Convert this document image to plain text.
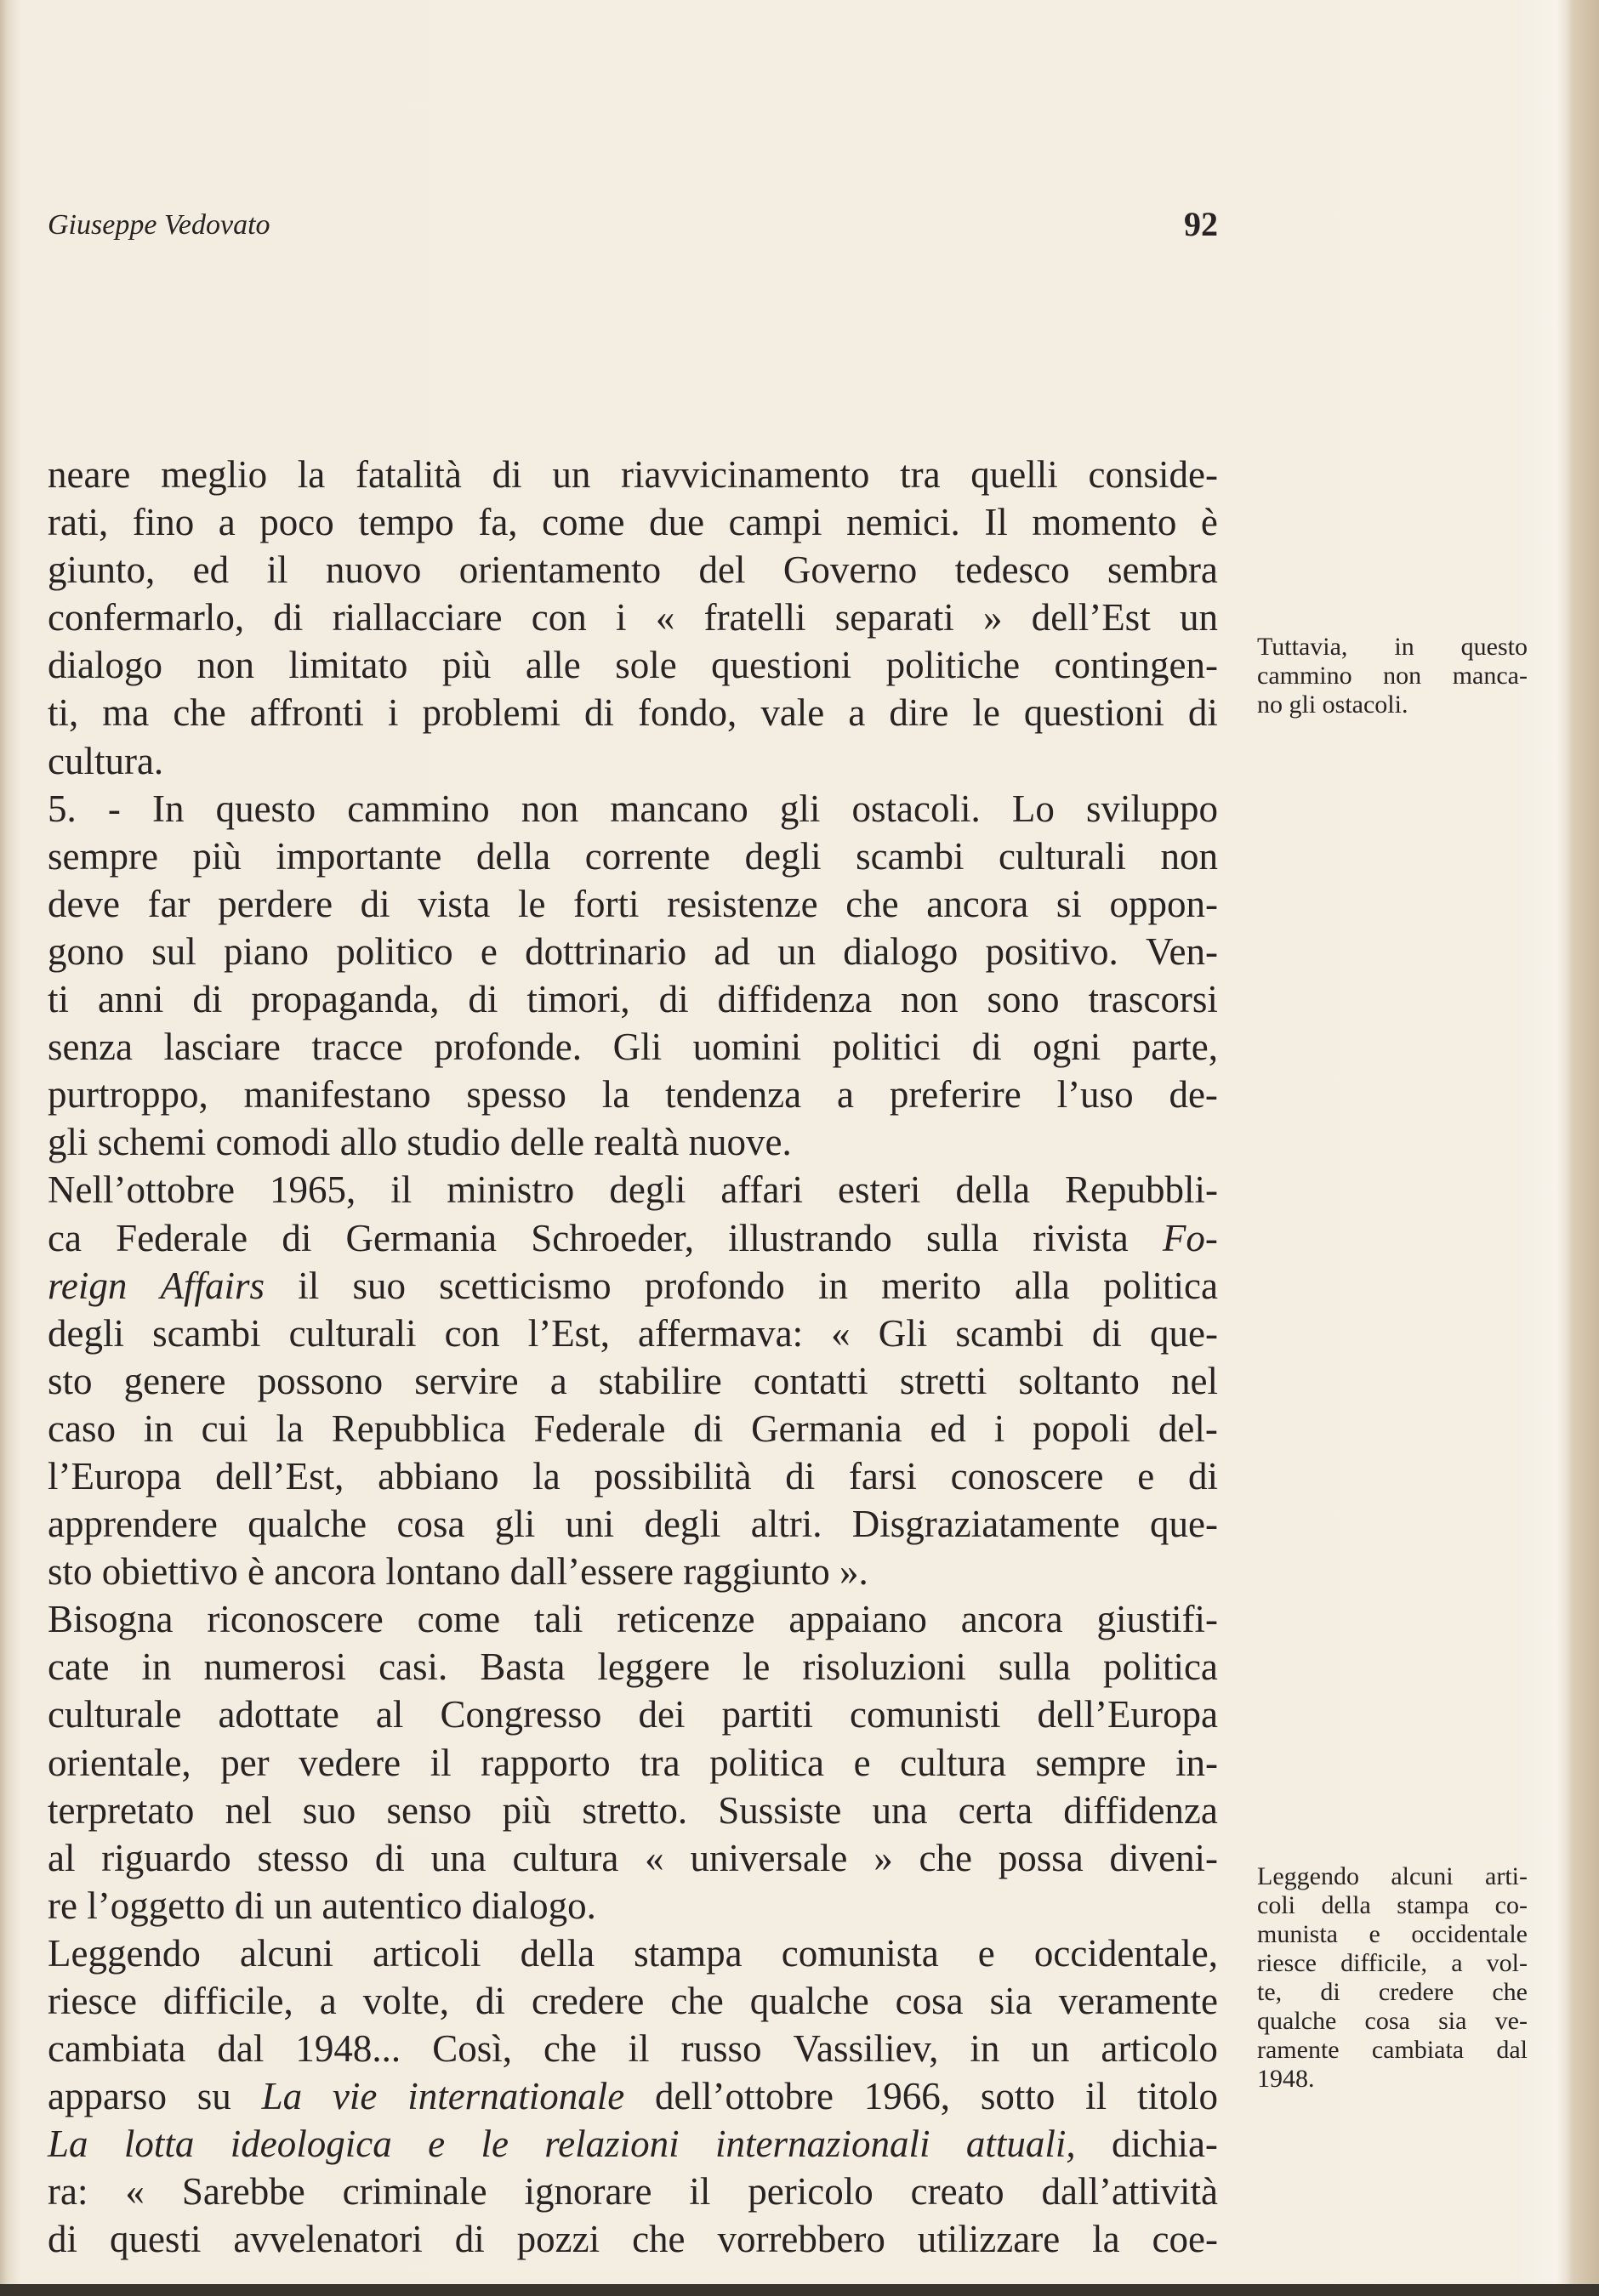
Giuseppe Vedovato	92
neare meglio la fatalità di un riavvicinamento tra quelli conside-
rati, fino a poco tempo fa, come due campi nemici. Il momento è
giunto, ed il nuovo orientamento del Governo tedesco sembra
confermarlo, di riallacciare con i « fratelli separati » dell’Est un
dialogo non limitato più alle sole questioni politiche contingen-
ti, ma che affronti i problemi di fondo, vale a dire le questioni di
cultura.
5. - In questo cammino non mancano gli ostacoli. Lo sviluppo
sempre più importante della corrente degli scambi culturali non
deve far perdere di vista le forti resistenze che ancora si oppon-
gono sul piano politico e dottrinario ad un dialogo positivo. Ven-
ti anni di propaganda, di timori, di diffidenza non sono trascorsi
senza lasciare tracce profonde. Gli uomini politici di ogni parte,
purtroppo, manifestano spesso la tendenza a preferire l’uso de-
gli schemi comodi allo studio delle realtà nuove.
Nell’ottobre 1965, il ministro degli affari esteri della Repubbli-
ca Federale di Germania Schroeder, illustrando sulla rivista Fo-
reign Affairs il suo scetticismo profondo in merito alla politica
degli scambi culturali con l’Est, affermava: « Gli scambi di que-
sto genere possono servire a stabilire contatti stretti soltanto nel
caso in cui la Repubblica Federale di Germania ed i popoli del-
l’Europa dell’Est, abbiano la possibilità di farsi conoscere e di
apprendere qualche cosa gli uni degli altri. Disgraziatamente que-
sto obiettivo è ancora lontano dall’essere raggiunto ».
Bisogna riconoscere come tali reticenze appaiano ancora giustifi-
cate in numerosi casi. Basta leggere le risoluzioni sulla politica
culturale adottate al Congresso dei partiti comunisti dell’Europa
orientale, per vedere il rapporto tra politica e cultura sempre in-
terpretato nel suo senso più stretto. Sussiste una certa diffidenza
al riguardo stesso di una cultura « universale » che possa diveni-
re l’oggetto di un autentico dialogo.
Leggendo alcuni articoli della stampa comunista e occidentale,
riesce difficile, a volte, di credere che qualche cosa sia veramente
cambiata dal 1948... Così, che il russo Vassiliev, in un articolo
apparso su La vie internationale dell’ottobre 1966, sotto il titolo
La lotta ideologica e le relazioni internazionali attuali, dichia-
ra: « Sarebbe criminale ignorare il pericolo creato dall’attività
di questi avvelenatori di pozzi che vorrebbero utilizzare la coe-
Tuttavia, in questo
cammino non manca-
no gli ostacoli.
Leggendo alcuni arti-
coli della stampa co-
munista e occidentale
riesce difficile, a vol-
te, di credere che
qualche cosa sia ve-
ramente cambiata dal
1948.
